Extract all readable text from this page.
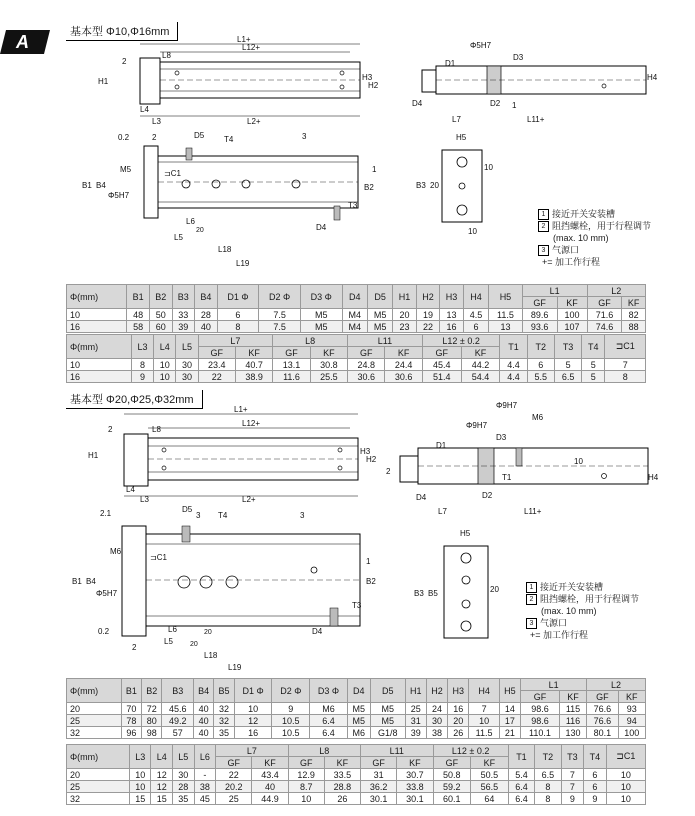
A	基本型 Φ10,Φ16mm
L1+
L12+
L8
L2+
L3
L4
H1	H2
H3
2
Φ5H7
D1
D3
D2
D4
L7	L11+
H4
1
0.2	D5 T4	3
1
2
B1 B4
Φ5H7
M5
B2
T3
D4
L5
20
L6
L18
L19
⊐C1
H5
B3 20
10
10
1 接近开关安装槽
2 阻挡螺栓，用于行程调节
(max. 10 mm)
3 气源口
+= 加工作行程
Φ(mm)	B1	B2	B3	B4	D1 Φ	D2 Φ	D3 Φ	D4	D5	H1	H2	H3	H4	H5	L1		L2	
															GF	KF	GF	KF
10	48	50	33	28	6	7.5	M5	M4	M5	20	19	13	4.5	11.5	89.6	100	71.6	82
16	58	60	39	40	8	7.5	M5	M4	M5	23	22	16	6	13	93.6	107	74.6	88
Φ(mm)	L3	L4	L5	L7		L8		L11		L12 ± 0.2		T1	T2	T3	T4	⊐C1
				GF	KF	GF	KF	GF	KF	GF	KF					
10	8	10	30	23.4	40.7	13.1	30.8	24.8	24.4	45.4	44.2	4.4	6	5	5	7
16	9	10	30	22	38.9	11.6	25.5	30.6	30.6	51.4	54.4	4.4	5.5	6.5	5	8
基本型 Φ20,Φ25,Φ32mm
L1+
L12+
L8
L2+
L3
L4
H1	H2
H3
2
Φ9H7
Φ9H7
M6
D1
D3
D2
D4
L7	L11+
H4
2
10
T1
2.1	D5
3 T4	3
1
2
B1 B4
Φ5H7
M6
B2
T3
D4
L6
L5
20
20
L18
L19
0.2
⊐C1
H5
B3 B5	20	1 接近开关安装槽
2 阻挡螺栓，用于行程调节
(max. 10 mm)
3 气源口
+= 加工作行程
Φ(mm)	B1	B2	B3	B4	B5	D1 Φ	D2 Φ	D3 Φ	D4	D5	H1	H2	H3	H4	H5	L1		L2	
																GF	KF	GF	KF
20	70	72	45.6	40	32	10	9	M6	M5	M5	25	24	16	7	14	98.6	115	76.6	93
25	78	80	49.2	40	32	12	10.5	6.4	M5	M5	31	30	20	10	17	98.6	116	76.6	94
32	96	98	57	40	35	16	10.5	6.4	M6	G1/8	39	38	26	11.5	21	110.1	130	80.1	100
Φ(mm)	L3	L4	L5	L6	L7		L8		L11		L12 ± 0.2		T1	T2	T3	T4	⊐C1
					GF	KF	GF	KF	GF	KF	GF	KF					
20	10	12	30	-	22	43.4	12.9	33.5	31	30.7	50.8	50.5	5.4	6.5	7	6	10
25	10	12	28	38	20.2	40	8.7	28.8	36.2	33.8	59.2	56.5	6.4	8	7	6	10
32	15	15	35	45	25	44.9	10	26	30.1	30.1	60.1	64	6.4	8	9	9	10
